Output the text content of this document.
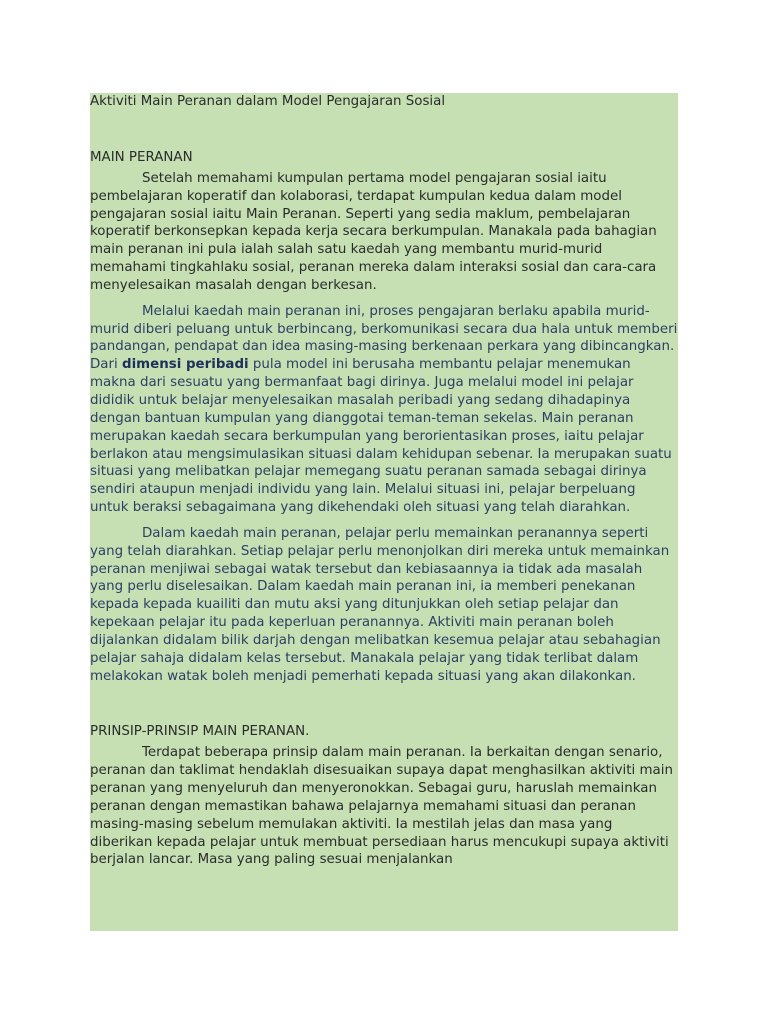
Aktiviti Main Peranan dalam Model Pengajaran Sosial

MAIN PERANAN

Setelah memahami kumpulan pertama model pengajaran sosial iaitu pembelajaran koperatif dan kolaborasi, terdapat kumpulan kedua dalam model pengajaran sosial iaitu Main Peranan. Seperti yang sedia maklum, pembelajaran koperatif berkonsepkan kepada kerja secara berkumpulan. Manakala pada bahagian main peranan ini pula ialah salah satu kaedah yang membantu murid-murid memahami tingkahlaku sosial, peranan mereka dalam interaksi sosial dan cara-cara menyelesaikan masalah dengan berkesan.

Melalui kaedah main peranan ini, proses pengajaran berlaku apabila murid-murid diberi peluang untuk berbincang, berkomunikasi secara dua hala untuk memberi pandangan, pendapat dan idea masing-masing berkenaan perkara yang dibincangkan. Dari dimensi peribadi pula model ini berusaha membantu pelajar menemukan makna dari sesuatu yang bermanfaat bagi dirinya. Juga melalui model ini pelajar dididik untuk belajar menyelesaikan masalah peribadi yang sedang dihadapinya dengan bantuan kumpulan yang dianggotai teman-teman sekelas. Main peranan merupakan kaedah secara berkumpulan yang berorientasikan proses, iaitu pelajar berlakon atau mengsimulasikan situasi dalam kehidupan sebenar. Ia merupakan suatu situasi yang melibatkan pelajar memegang suatu peranan samada sebagai dirinya sendiri ataupun menjadi individu yang lain. Melalui situasi ini, pelajar berpeluang untuk beraksi sebagaimana yang dikehendaki oleh situasi yang telah diarahkan.

Dalam kaedah main peranan, pelajar perlu memainkan peranannya seperti yang telah diarahkan. Setiap pelajar perlu menonjolkan diri mereka untuk memainkan peranan menjiwai sebagai watak tersebut dan kebiasaannya ia tidak ada masalah yang perlu diselesaikan. Dalam kaedah main peranan ini, ia memberi penekanan kepada kepada kuailiti dan mutu aksi yang ditunjukkan oleh setiap pelajar dan kepekaan pelajar itu pada keperluan peranannya. Aktiviti main peranan boleh dijalankan didalam bilik darjah dengan melibatkan kesemua pelajar atau sebahagian pelajar sahaja didalam kelas tersebut. Manakala pelajar yang tidak terlibat dalam melakokan watak boleh menjadi pemerhati kepada situasi yang akan dilakonkan.

PRINSIP-PRINSIP MAIN PERANAN.

Terdapat beberapa prinsip dalam main peranan. Ia berkaitan dengan senario, peranan dan taklimat hendaklah disesuaikan supaya dapat menghasilkan aktiviti main peranan yang menyeluruh dan menyeronokkan. Sebagai guru, haruslah memainkan peranan dengan memastikan bahawa pelajarnya memahami situasi dan peranan masing-masing sebelum memulakan aktiviti. Ia mestilah jelas dan masa yang diberikan kepada pelajar untuk membuat persediaan harus mencukupi supaya aktiviti berjalan lancar. Masa yang paling sesuai menjalankan
